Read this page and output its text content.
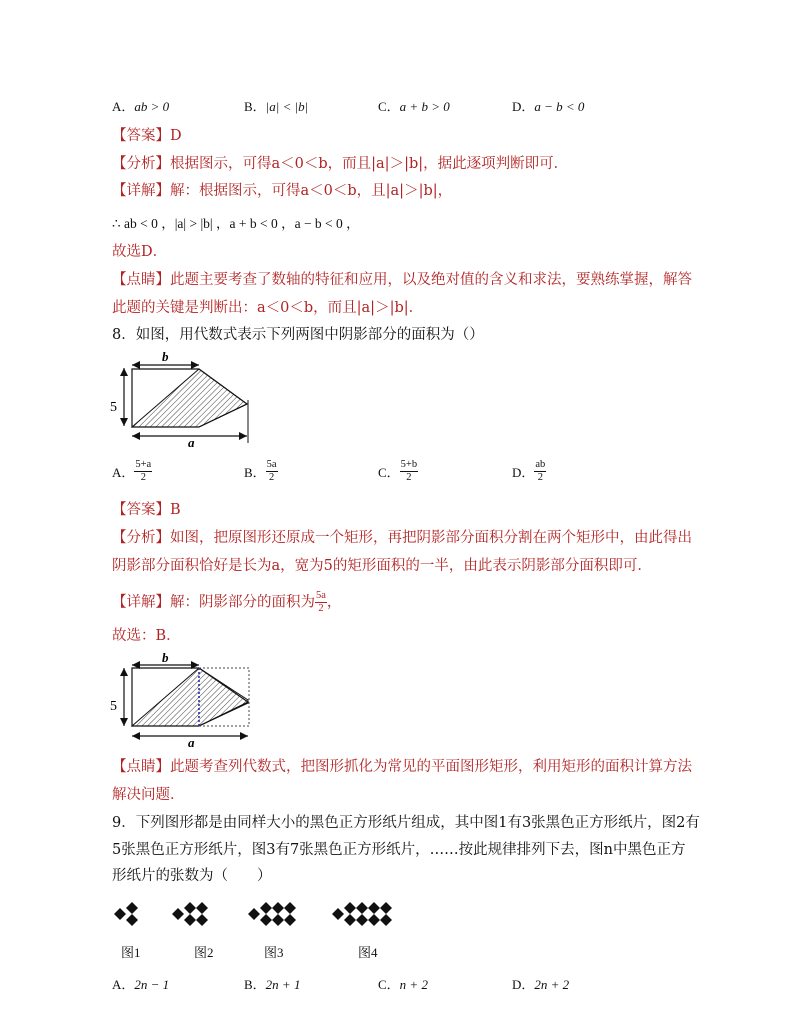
A．ab > 0	B．|a| < |b|	C．a + b > 0	D．a − b < 0
【答案】D
【分析】根据图示，可得a＜0＜b，而且|a|＞|b|，据此逐项判断即可．
【详解】解：根据图示，可得a＜0＜b，且|a|＞|b|，
∴ ab < 0 ，|a| > |b| ，a + b < 0 ，a − b < 0 ，
故选D．
【点睛】此题主要考查了数轴的特征和应用，以及绝对值的含义和求法，要熟练掌握，解答
此题的关键是判断出：a＜0＜b，而且|a|＞|b|．
8．如图，用代数式表示下列两图中阴影部分的面积为（）
b
5
a
A． $\frac{5+a}{2}$	B． $\frac{5a}{2}$	C． $\frac{5+b}{2}$	D． $\frac{ab}{2}$
【答案】B
【分析】如图，把原图形还原成一个矩形，再把阴影部分面积分割在两个矩形中，由此得出
阴影部分面积恰好是长为a，宽为5的矩形面积的一半，由此表示阴影部分面积即可．
【详解】解：阴影部分的面积为 $\frac{5a}{2}$ ，
故选：B．
b
5
a
【点睛】此题考查列代数式，把图形抓化为常见的平面图形矩形，利用矩形的面积计算方法
解决问题．
9．下列图形都是由同样大小的黑色正方形纸片组成，其中图1有3张黑色正方形纸片，图2有
5张黑色正方形纸片，图3有7张黑色正方形纸片，……按此规律排列下去，图n中黑色正方
形纸片的张数为（　　）
图1	图2	图3	图4
A．2n − 1	B．2n + 1	C．n + 2	D．2n + 2
